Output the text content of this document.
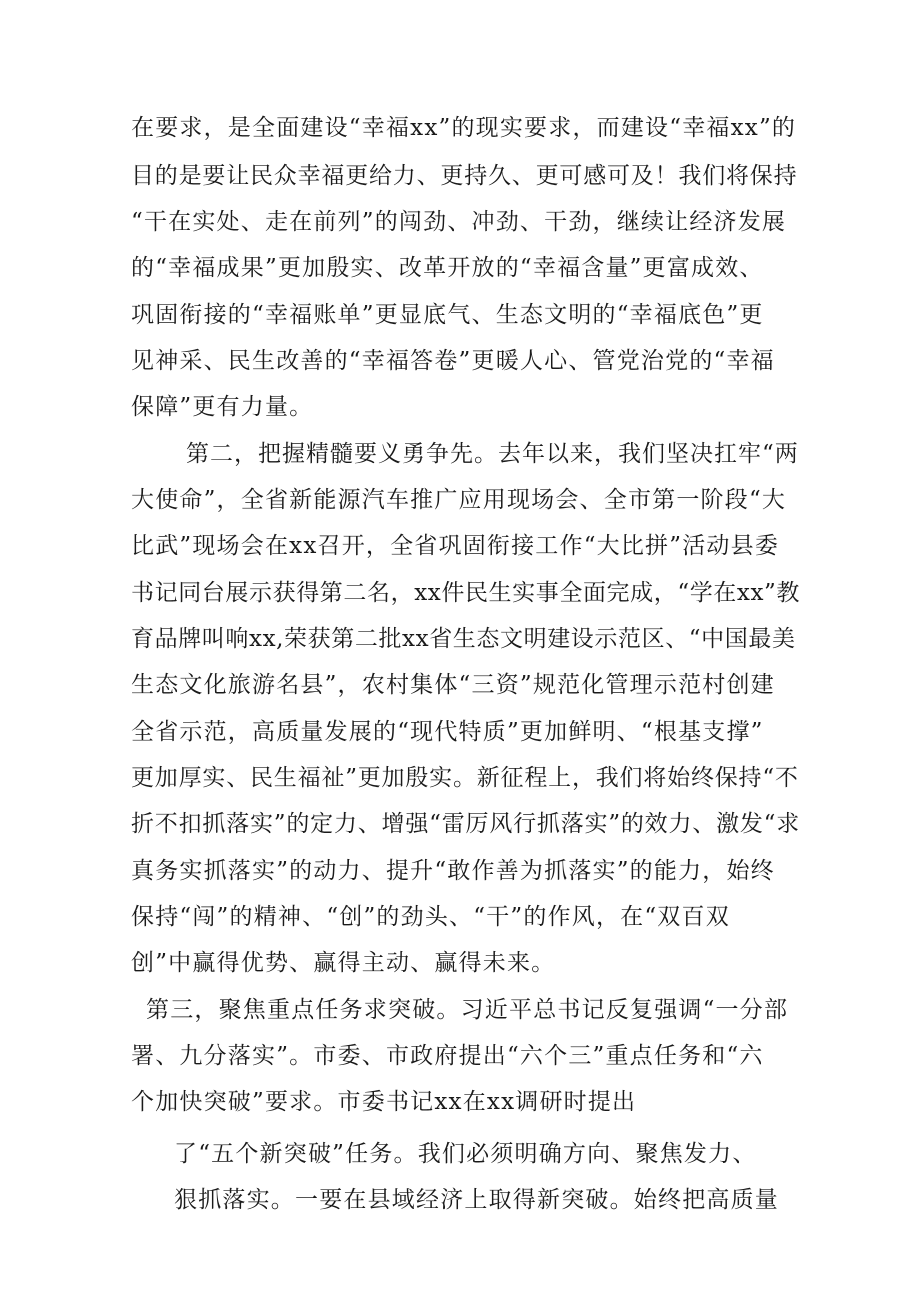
在要求，是全面建设“幸福xx”的现实要求，而建设“幸福xx”的
目的是要让民众幸福更给力、更持久、更可感可及！我们将保持
“干在实处、走在前列”的闯劲、冲劲、干劲，继续让经济发展
的“幸福成果”更加殷实、改革开放的“幸福含量”更富成效、
巩固衔接的“幸福账单”更显底气、生态文明的“幸福底色”更
见神采、民生改善的“幸福答卷”更暖人心、管党治党的“幸福
保障”更有力量。
第二，把握精髓要义勇争先。去年以来，我们坚决扛牢“两
大使命”，全省新能源汽车推广应用现场会、全市第一阶段“大
比武”现场会在xx召开，全省巩固衔接工作“大比拼”活动县委
书记同台展示获得第二名，xx件民生实事全面完成，“学在xx”教
育品牌叫响xx,荣获第二批xx省生态文明建设示范区、“中国最美
生态文化旅游名县”，农村集体“三资”规范化管理示范村创建
全省示范，高质量发展的“现代特质”更加鲜明、“根基支撑”
更加厚实、民生福祉”更加殷实。新征程上，我们将始终保持“不
折不扣抓落实”的定力、增强“雷厉风行抓落实”的效力、激发“求
真务实抓落实”的动力、提升“敢作善为抓落实”的能力，始终
保持“闯”的精神、“创”的劲头、“干”的作风，在“双百双
创”中赢得优势、赢得主动、赢得未来。
第三，聚焦重点任务求突破。习近平总书记反复强调“一分部
署、九分落实”。市委、市政府提出“六个三”重点任务和“六
个加快突破”要求。市委书记xx在xx调研时提出
了“五个新突破”任务。我们必须明确方向、聚焦发力、
狠抓落实。一要在县域经济上取得新突破。始终把高质量
